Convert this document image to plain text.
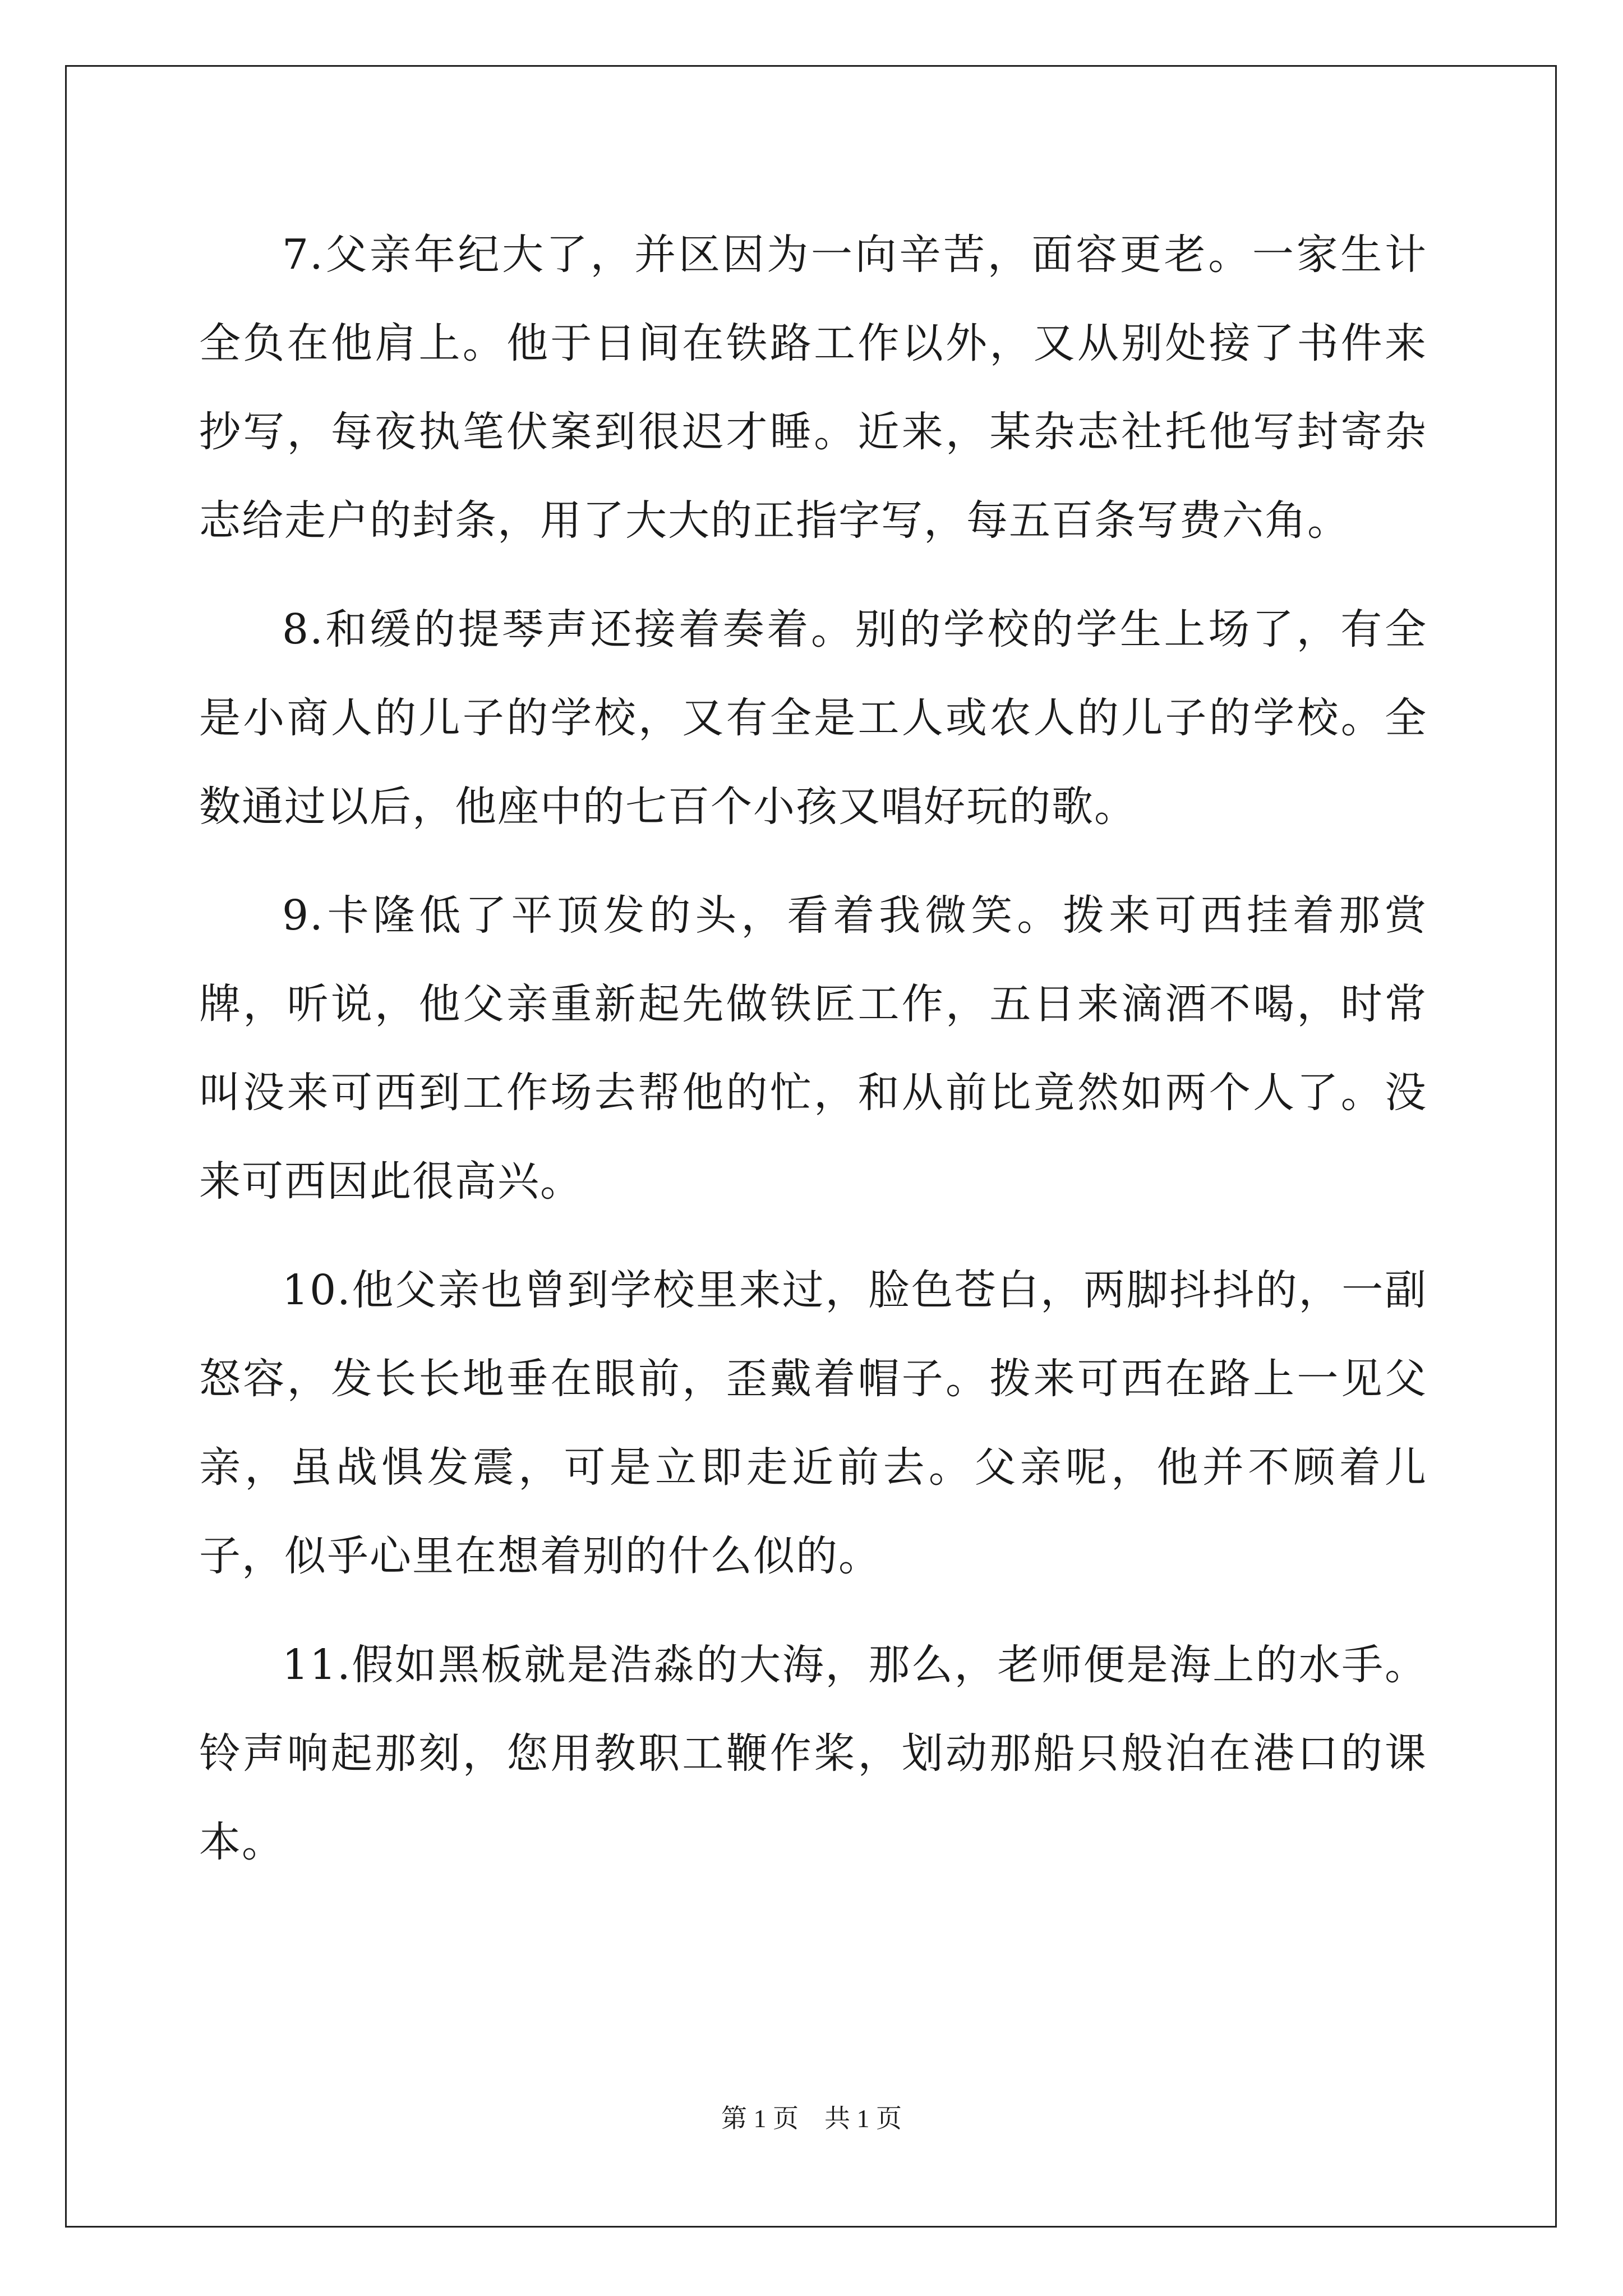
7.父亲年纪大了，并区因为一向辛苦，面容更老。一家生计全负在他肩上。他于日间在铁路工作以外，又从别处接了书件来抄写，每夜执笔伏案到很迟才睡。近来，某杂志社托他写封寄杂志给走户的封条，用了大大的正指字写，每五百条写费六角。

8.和缓的提琴声还接着奏着。别的学校的学生上场了，有全是小商人的儿子的学校，又有全是工人或农人的儿子的学校。全数通过以后，他座中的七百个小孩又唱好玩的歌。

9.卡隆低了平顶发的头，看着我微笑。拨来可西挂着那赏牌，听说，他父亲重新起先做铁匠工作，五日来滴酒不喝，时常叫没来可西到工作场去帮他的忙，和从前比竟然如两个人了。没来可西因此很高兴。

10.他父亲也曾到学校里来过，脸色苍白，两脚抖抖的，一副怒容，发长长地垂在眼前，歪戴着帽子。拨来可西在路上一见父亲，虽战惧发震，可是立即走近前去。父亲呢，他并不顾着儿子，似乎心里在想着别的什么似的。

11.假如黑板就是浩淼的大海，那么，老师便是海上的水手。铃声响起那刻，您用教职工鞭作桨，划动那船只般泊在港口的课本。

第 1 页 共 1 页
